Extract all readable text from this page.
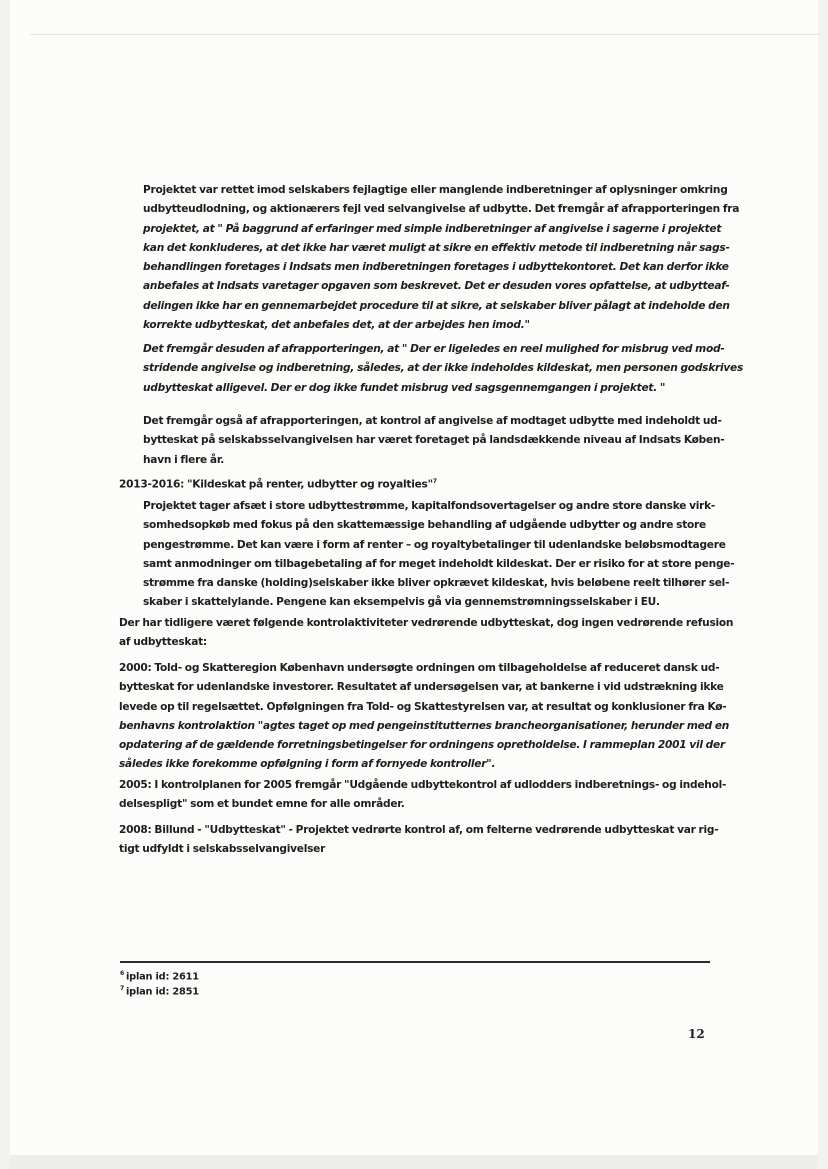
Projektet var rettet imod selskabers fejlagtige eller manglende indberetninger af oplysninger omkring
udbytteudlodning, og aktionærers fejl ved selvangivelse af udbytte. Det fremgår af afrapporteringen fra
projektet, at " På baggrund af erfaringer med simple indberetninger af angivelse i sagerne i projektet
kan det konkluderes, at det ikke har været muligt at sikre en effektiv metode til indberetning når sags-
behandlingen foretages i Indsats men indberetningen foretages i udbyttekontoret. Det kan derfor ikke
anbefales at Indsats varetager opgaven som beskrevet. Det er desuden vores opfattelse, at udbytteaf-
delingen ikke har en gennemarbejdet procedure til at sikre, at selskaber bliver pålagt at indeholde den
korrekte udbytteskat, det anbefales det, at der arbejdes hen imod."
Det fremgår desuden af afrapporteringen, at " Der er ligeledes en reel mulighed for misbrug ved mod-
stridende angivelse og indberetning, således, at der ikke indeholdes kildeskat, men personen godskrives
udbytteskat alligevel. Der er dog ikke fundet misbrug ved sagsgennemgangen i projektet. "
Det fremgår også af afrapporteringen, at kontrol af angivelse af modtaget udbytte med indeholdt ud-
bytteskat på selskabsselvangivelsen har været foretaget på landsdækkende niveau af Indsats Køben-
havn i flere år.
2013-2016: "Kildeskat på renter, udbytter og royalties"$^7$
Projektet tager afsæt i store udbyttestrømme, kapitalfondsovertagelser og andre store danske virk-
somhedsopkøb med fokus på den skattemæssige behandling af udgående udbytter og andre store
pengestrømme. Det kan være i form af renter – og royaltybetalinger til udenlandske beløbsmodtagere
samt anmodninger om tilbagebetaling af for meget indeholdt kildeskat. Der er risiko for at store penge-
strømme fra danske (holding)selskaber ikke bliver opkrævet kildeskat, hvis beløbene reelt tilhører sel-
skaber i skattelylande. Pengene kan eksempelvis gå via gennemstrømningsselskaber i EU.
Der har tidligere været følgende kontrolaktiviteter vedrørende udbytteskat, dog ingen vedrørende refusion
af udbytteskat:
2000: Told- og Skatteregion København undersøgte ordningen om tilbageholdelse af reduceret dansk ud-
bytteskat for udenlandske investorer. Resultatet af undersøgelsen var, at bankerne i vid udstrækning ikke
levede op til regelsættet. Opfølgningen fra Told- og Skattestyrelsen var, at resultat og konklusioner fra Kø-
benhavns kontrolaktion "agtes taget op med pengeinstitutternes brancheorganisationer, herunder med en
opdatering af de gældende forretningsbetingelser for ordningens opretholdelse. I rammeplan 2001 vil der
således ikke forekomme opfølgning i form af fornyede kontroller".
2005: I kontrolplanen for 2005 fremgår "Udgående udbyttekontrol af udlodders indberetnings- og indehol-
delsespligt" som et bundet emne for alle områder.
2008: Billund - "Udbytteskat" - Projektet vedrørte kontrol af, om felterne vedrørende udbytteskat var rig-
tigt udfyldt i selskabsselvangivelser

$^6$ iplan id: 2611

$^7$ iplan id: 2851

12
